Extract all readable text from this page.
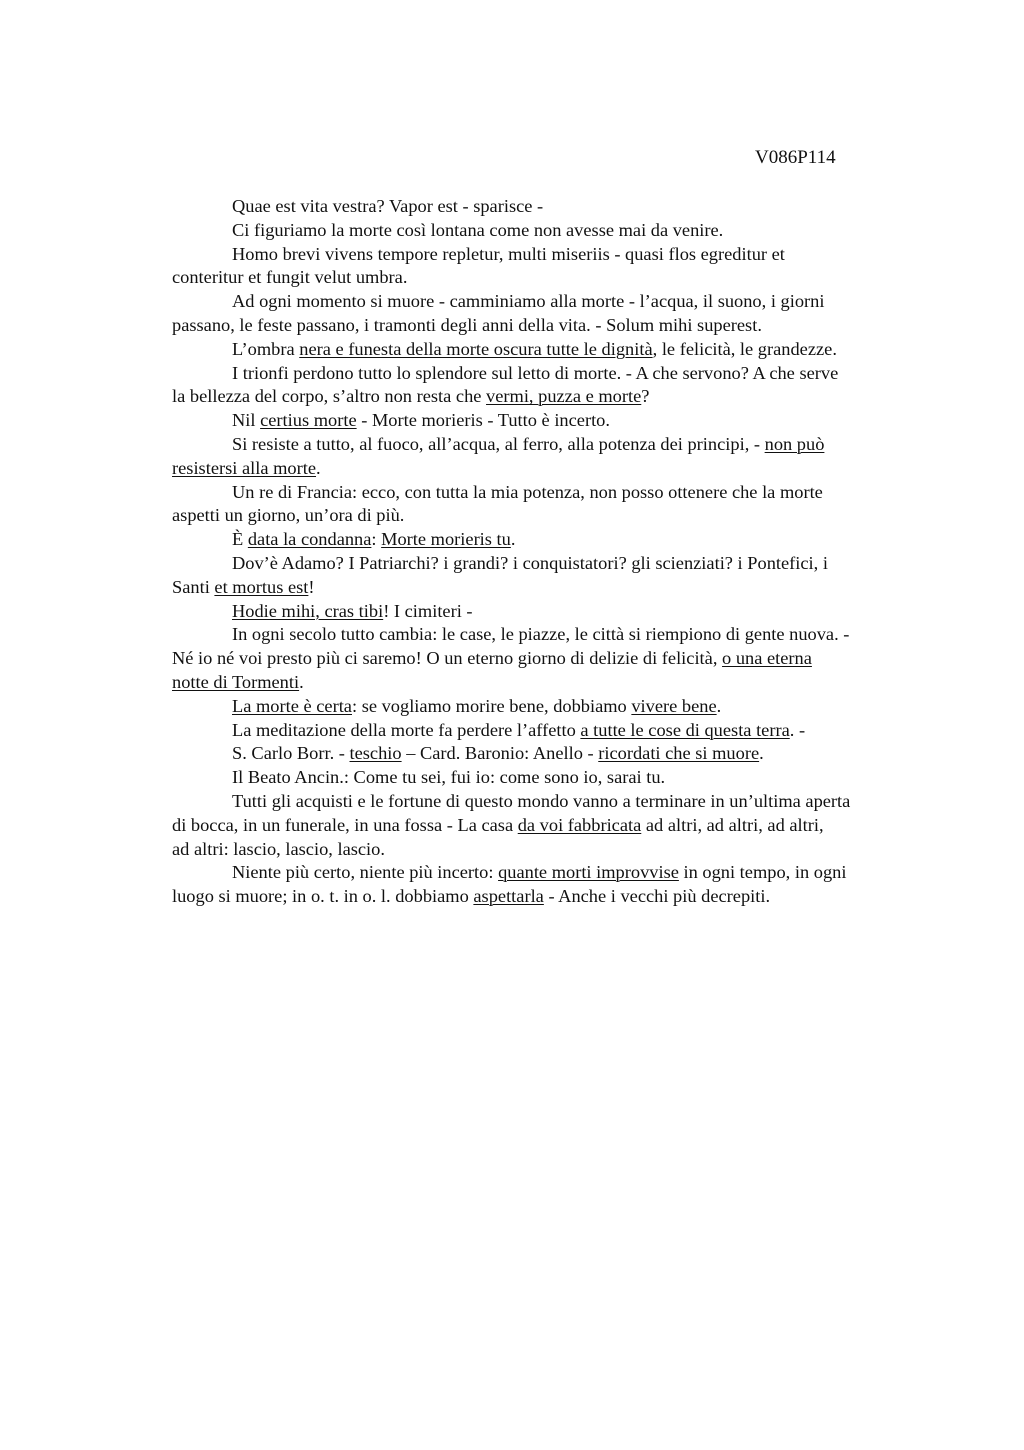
V086P114
Quae est vita vestra? Vapor est - sparisce -
Ci figuriamo la morte così lontana come non avesse mai da venire.
Homo brevi vivens tempore repletur, multi miseriis - quasi flos egreditur et
conteritur et fungit velut umbra.
Ad ogni momento si muore - camminiamo alla morte - l’acqua, il suono, i giorni
passano, le feste passano, i tramonti degli anni della vita. - Solum mihi superest.
L’ombra nera e funesta della morte oscura tutte le dignità, le felicità, le grandezze.
I trionfi perdono tutto lo splendore sul letto di morte. - A che servono? A che serve
la bellezza del corpo, s’altro non resta che vermi, puzza e morte?
Nil certius morte - Morte morieris - Tutto è incerto.
Si resiste a tutto, al fuoco, all’acqua, al ferro, alla potenza dei principi, - non può
resistersi alla morte.
Un re di Francia: ecco, con tutta la mia potenza, non posso ottenere che la morte
aspetti un giorno, un’ora di più.
È data la condanna: Morte morieris tu.
Dov’è Adamo? I Patriarchi? i grandi? i conquistatori? gli scienziati? i Pontefici, i
Santi et mortus est!
Hodie mihi, cras tibi! I cimiteri -
In ogni secolo tutto cambia: le case, le piazze, le città si riempiono di gente nuova. -
Né io né voi presto più ci saremo! O un eterno giorno di delizie di felicità, o una eterna
notte di Tormenti.
La morte è certa: se vogliamo morire bene, dobbiamo vivere bene.
La meditazione della morte fa perdere l’affetto a tutte le cose di questa terra. -
S. Carlo Borr. - teschio – Card. Baronio: Anello - ricordati che si muore.
Il Beato Ancin.: Come tu sei, fui io: come sono io, sarai tu.
Tutti gli acquisti e le fortune di questo mondo vanno a terminare in un’ultima aperta
di bocca, in un funerale, in una fossa - La casa da voi fabbricata ad altri, ad altri, ad altri,
ad altri: lascio, lascio, lascio.
Niente più certo, niente più incerto: quante morti improvvise in ogni tempo, in ogni
luogo si muore; in o. t. in o. l. dobbiamo aspettarla - Anche i vecchi più decrepiti.
